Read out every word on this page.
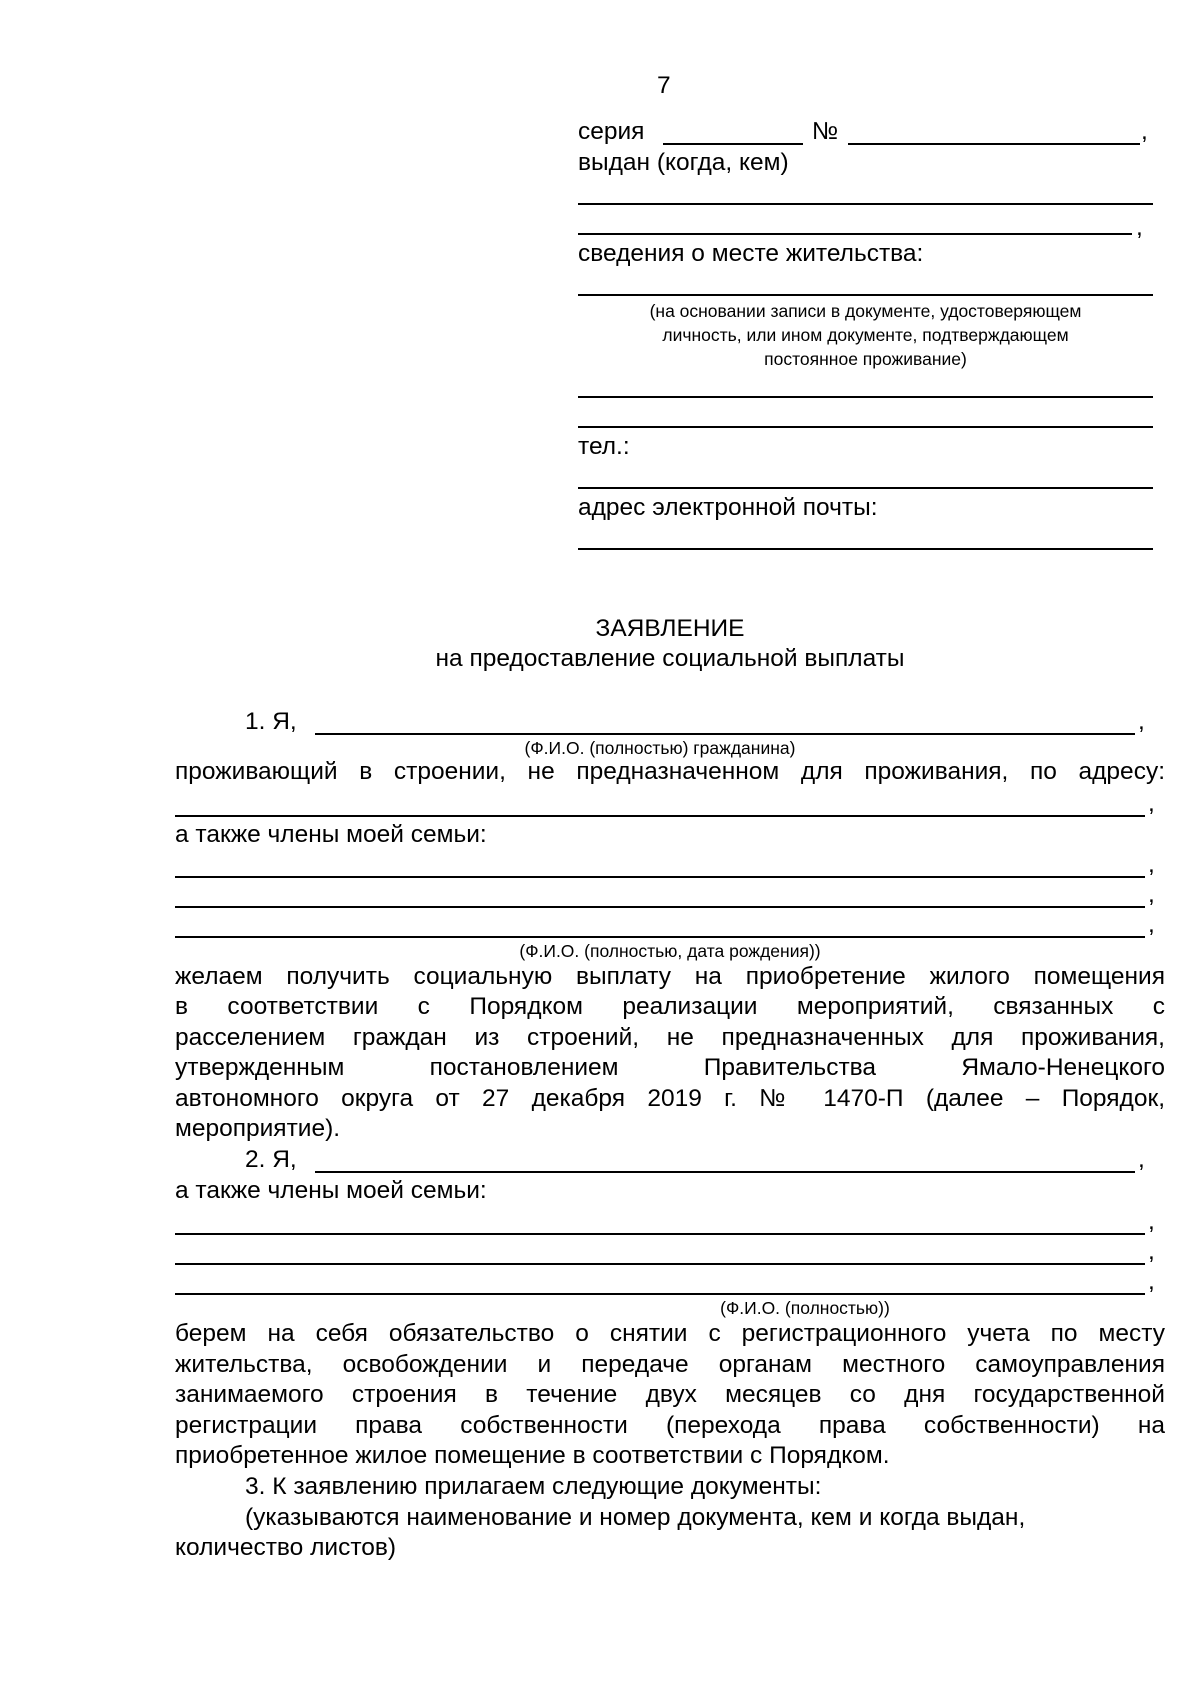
7
серия	№	,
выдан (когда, кем)
,
сведения о месте жительства:
(на основании записи в документе, удостоверяющем
личность, или ином документе, подтверждающем
постоянное проживание)
тел.:
адрес электронной почты:
ЗАЯВЛЕНИЕ
на предоставление социальной выплаты
1. Я,	,
(Ф.И.О. (полностью) гражданина)
проживающий в строении, не предназначенном для проживания, по адресу:
,
а также члены моей семьи:
,
,
,
(Ф.И.О. (полностью, дата рождения))
желаем получить социальную выплату на приобретение жилого помещения
в соответствии с Порядком реализации мероприятий, связанных с
расселением граждан из строений, не предназначенных для проживания,
утвержденным постановлением Правительства Ямало-Ненецкого
автономного округа от 27 декабря 2019 г. № 1470-П (далее – Порядок,
мероприятие).
2. Я,	,
а также члены моей семьи:
,
,
,
(Ф.И.О. (полностью))
берем на себя обязательство о снятии с регистрационного учета по месту
жительства, освобождении и передаче органам местного самоуправления
занимаемого строения в течение двух месяцев со дня государственной
регистрации права собственности (перехода права собственности) на
приобретенное жилое помещение в соответствии с Порядком.
3. К заявлению прилагаем следующие документы:
(указываются наименование и номер документа, кем и когда выдан,
количество листов)
